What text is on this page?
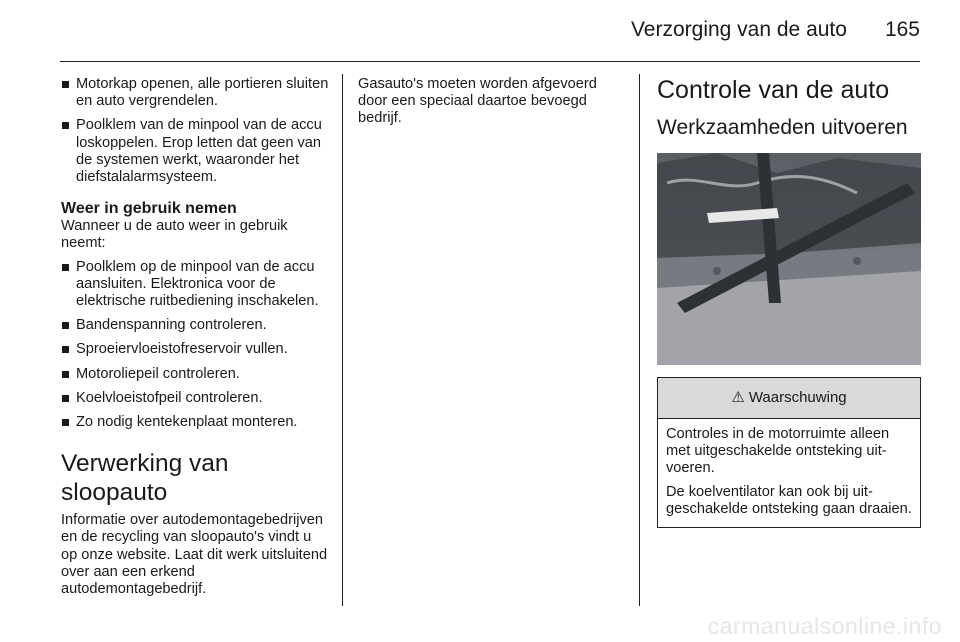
Verzorging van de auto 165
Motorkap openen, alle portieren sluiten en auto vergrendelen.
Poolklem van de minpool van de accu loskoppelen. Erop letten dat geen van de systemen werkt, waaronder het diefstalalarmsysteem.
Weer in gebruik nemen

Wanneer u de auto weer in gebruik neemt:

Poolklem op de minpool van de accu aansluiten. Elektronica voor de elektrische ruitbediening inschakelen.
Bandenspanning controleren.
Sproeiervloeistofreservoir vullen.
Motoroliepeil controleren.
Koelvloeistofpeil controleren.
Zo nodig kentekenplaat monteren.
Verwerking van sloopauto

Informatie over autodemontagebedrijven en de recycling van sloopauto's vindt u op onze website. Laat dit werk uitsluitend over aan een erkend autodemontagebedrijf.

Gasauto's moeten worden afgevoerd door een speciaal daartoe bevoegd bedrijf.

Controle van de auto
Werkzaamheden uitvoeren
⚠ Waarschuwing

Controles in de motorruimte alleen met uitgeschakelde ontsteking uitvoeren.

De koelventilator kan ook bij uitgeschakelde ontsteking gaan draaien.

carmanualsonline.info
